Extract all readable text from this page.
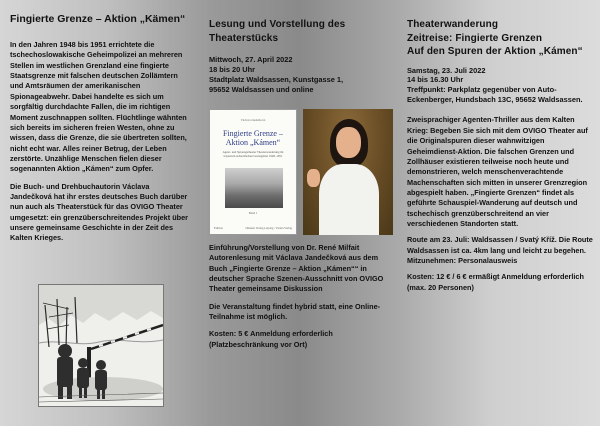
Fingierte Grenze – Aktion „Kämen“

In den Jahren 1948 bis 1951 errichtete die tschechoslowakische Geheimpolizei an mehreren Stellen im westlichen Grenzland eine fingierte Staatsgrenze mit falschen deutschen Zollämtern und Amtsräumen der amerikanischen Spionageabwehr. Dabei handelte es sich um sorgfältig durchdachte Fallen, die im richtigen Moment zuschnappen sollten. Flüchtlinge wähnten sich bereits im sicheren freien Westen, ohne zu wissen, dass die Grenze, die sie übertreten sollten, nicht echt war. Alles reiner Betrug, der Leben zerstörte. Unzählige Menschen fielen dieser sogenannten Aktion „Kámen“ zum Opfer.

Die Buch- und Drehbuchautorin Václava Jandečková hat ihr erstes deutsches Buch darüber nun auch als Theaterstück für das OVIGO Theater umgesetzt: ein grenzüberschreitendes Projekt über unsere gemeinsame Geschichte in der Zeit des Kalten Krieges.

Lesung und Vorstellung des
Theaterstücks
Mittwoch, 27. April 2022
18 bis 20 Uhr
Stadtplatz Waldsassen, Kunstgasse 1,
95652 Waldsassen und online
Václava Jandečková
Fingierte Grenze –
Aktion „Kámen“
Agent- und Spionagetheater Theaterwanderung im bayerisch-tschechischen Grenzgebiet 1948–1951
Band 1
Edition	Ohnnen Verlag Leipzig / Vielen Verlag

Einführung/Vorstellung von Dr. René Milfait Autorenlesung mit Václava Jandečková aus dem Buch „Fingierte Grenze – Aktion „Kámen““ in deutscher Sprache Szenen-Ausschnitt von OVIGO Theater gemeinsame Diskussion

Die Veranstaltung findet hybrid statt, eine Online-Teilnahme ist möglich.

Kosten: 5 € Anmeldung erforderlich (Platzbeschränkung vor Ort)

Theaterwanderung
Zeitreise: Fingierte Grenzen
Auf den Spuren der Aktion „Kámen“
Samstag, 23. Juli 2022
14 bis 16.30 Uhr
Treffpunkt: Parkplatz gegenüber von Auto-Eckenberger, Hundsbach 13C, 95652 Waldsassen.

Zweisprachiger Agenten-Thriller aus dem Kalten Krieg: Begeben Sie sich mit dem OVIGO Theater auf die Originalspuren dieser wahnwitzigen Geheimdienst-Aktion. Die falschen Grenzen und Zollhäuser existieren teilweise noch heute und demonstrieren, welch menschenverachtende Machenschaften sich mitten in unserer Grenzregion abgespielt haben. „Fingierte Grenzen“ findet als geführte Schauspiel-Wanderung auf deutsch und tschechisch grenzüberschreitend an vier verschiedenen Standorten statt.

Route am 23. Juli: Waldsassen / Svatý Kříž. Die Route Waldsassen ist ca. 4km lang und leicht zu begehen. Mitzunehmen: Personalausweis

Kosten: 12 € / 6 € ermäßigt Anmeldung erforderlich (max. 20 Personen)
